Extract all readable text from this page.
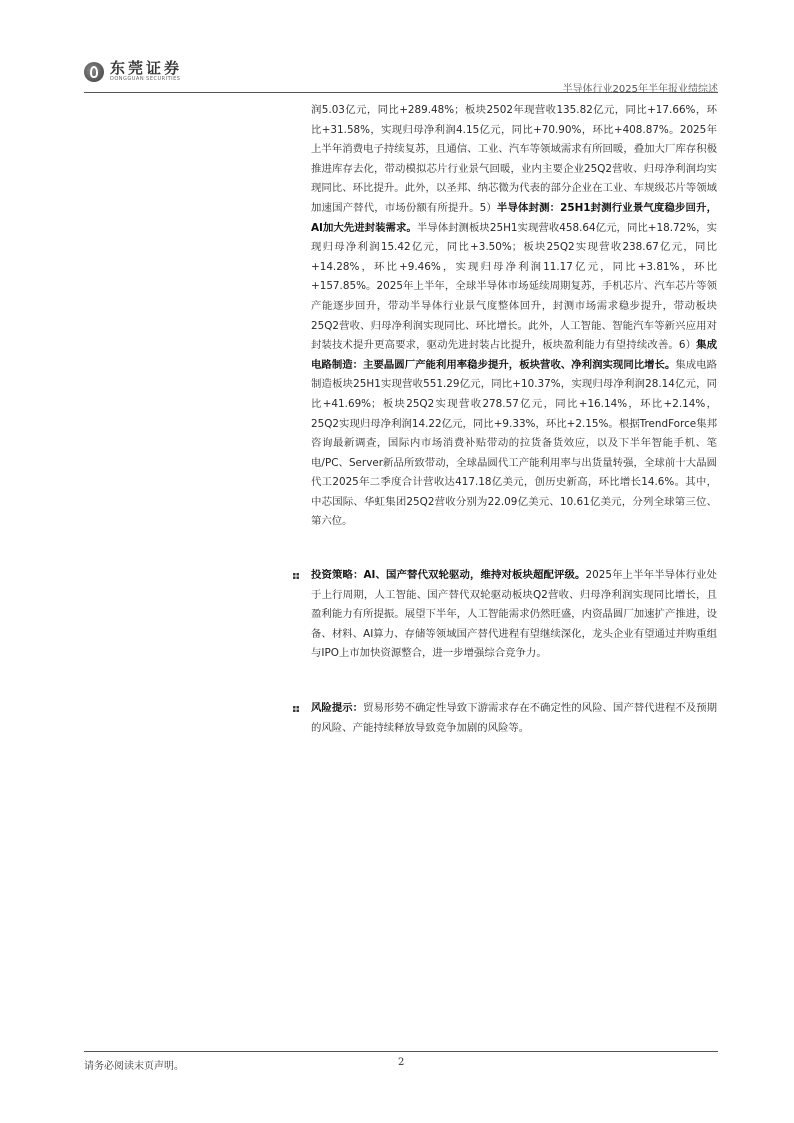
东莞证券
DONGGUAN SECURITIES
半导体行业2025年半年报业绩综述
润5.03亿元，同比+289.48%；板块2502年现营收135.82亿元，同比+17.66%，环比+31.58%，实现归母净利润4.15亿元，同比+70.90%，环比+408.87%。2025年上半年消费电子持续复苏，且通信、工业、汽车等领域需求有所回暖，叠加大厂库存积极推进库存去化，带动模拟芯片行业景气回暖，业内主要企业25Q2营收、归母净利润均实现同比、环比提升。此外，以圣邦、纳芯微为代表的部分企业在工业、车规级芯片等领域加速国产替代，市场份额有所提升。5）半导体封测：25H1封测行业景气度稳步回升，AI加大先进封装需求。半导体封测板块25H1实现营收458.64亿元，同比+18.72%，实现归母净利润15.42亿元，同比+3.50%；板块25Q2实现营收238.67亿元，同比+14.28%，环比+9.46%，实现归母净利润11.17亿元，同比+3.81%，环比+157.85%。2025年上半年，全球半导体市场延续周期复苏，手机芯片、汽车芯片等领产能逐步回升，带动半导体行业景气度整体回升，封测市场需求稳步提升，带动板块25Q2营收、归母净利润实现同比、环比增长。此外，人工智能、智能汽车等新兴应用对封装技术提升更高要求，驱动先进封装占比提升，板块盈利能力有望持续改善。6）集成电路制造：主要晶圆厂产能利用率稳步提升，板块营收、净利润实现同比增长。集成电路制造板块25H1实现营收551.29亿元，同比+10.37%，实现归母净利润28.14亿元，同比+41.69%；板块25Q2实现营收278.57亿元，同比+16.14%，环比+2.14%，25Q2实现归母净利润14.22亿元，同比+9.33%，环比+2.15%。根据TrendForce集邦咨询最新调查，国际内市场消费补贴带动的拉货备货效应，以及下半年智能手机、笔电/PC、Server新品所致带动，全球晶圆代工产能利用率与出货量转强，全球前十大晶圆代工2025年二季度合计营收达417.18亿美元，创历史新高，环比增长14.6%。其中，中芯国际、华虹集团25Q2营收分别为22.09亿美元、10.61亿美元，分列全球第三位、第六位。
投资策略：AI、国产替代双轮驱动，维持对板块超配评级。2025年上半年半导体行业处于上行周期，人工智能、国产替代双轮驱动板块Q2营收、归母净利润实现同比增长，且盈利能力有所提振。展望下半年，人工智能需求仍然旺盛，内资晶圆厂加速扩产推进，设备、材料、AI算力、存储等领域国产替代进程有望继续深化，龙头企业有望通过并购重组与IPO上市加快资源整合，进一步增强综合竞争力。
风险提示：贸易形势不确定性导致下游需求存在不确定性的风险、国产替代进程不及预期的风险、产能持续释放导致竞争加剧的风险等。
请务必阅读末页声明。	2
